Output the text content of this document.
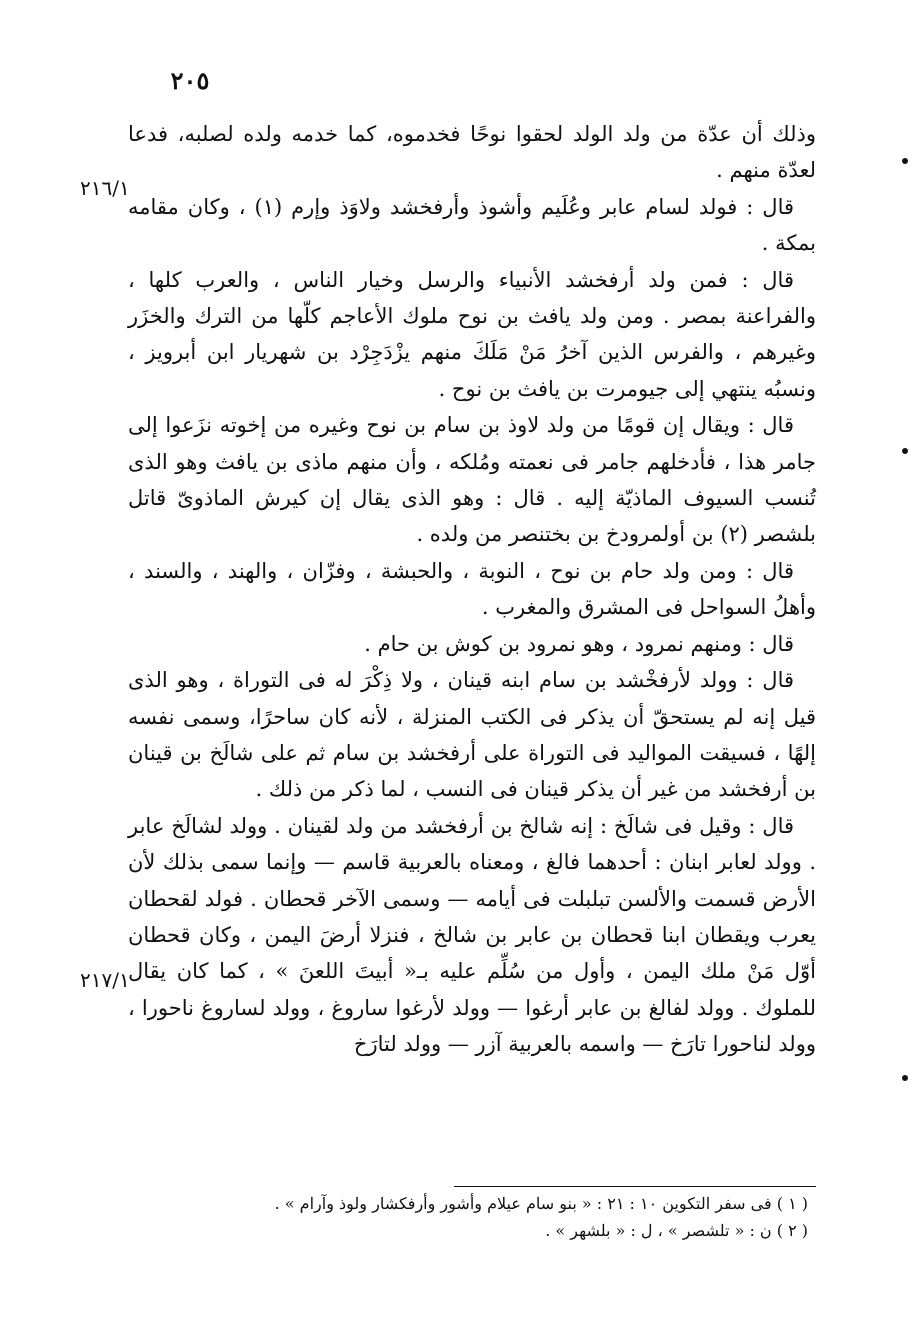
٢٠٥
٢١٦/١
٢١٧/١

وذلك أن عدّة من ولد الولد لحقوا نوحًا فخدموه، كما خدمه ولده لصلبه، فدعا لعدّة منهم .

قال : فولد لسام عابر وعُلَيم وأشوذ وأرفخشد ولاوَذ وإرم (١) ، وكان مقامه بمكة .

قال : فمن ولد أرفخشد الأنبياء والرسل وخيار الناس ، والعرب كلها ، والفراعنة بمصر . ومن ولد يافث بن نوح ملوك الأعاجم كلّها من الترك والخزَر وغيرهم ، والفرس الذين آخرُ مَنْ مَلَكَ منهم يزْدَجِرْد بن شهريار ابن أبرويز ، ونسبُه ينتهي إلى جيومرت بن يافث بن نوح .

قال : ويقال إن قومًا من ولد لاوذ بن سام بن نوح وغيره من إخوته نزَعوا إلى جامر هذا ، فأدخلهم جامر فى نعمته ومُلكه ، وأن منهم ماذى بن يافث وهو الذى تُنسب السيوف الماذيّة إليه . قال : وهو الذى يقال إن كيرش الماذوىّ قاتل بلشصر (٢) بن أولمرودخ بن بختنصر من ولده .

قال : ومن ولد حام بن نوح ، النوبة ، والحبشة ، وفزّان ، والهند ، والسند ، وأهلُ السواحل فى المشرق والمغرب .

قال : ومنهم نمرود ، وهو نمرود بن كوش بن حام .

قال : وولد لأرفخْشد بن سام ابنه قينان ، ولا ذِكْرَ له فى التوراة ، وهو الذى قيل إنه لم يستحقّ أن يذكر فى الكتب المنزلة ، لأنه كان ساحرًا، وسمى نفسه إلهًا ، فسيقت المواليد فى التوراة على أرفخشد بن سام ثم على شالَخ بن قينان بن أرفخشد من غير أن يذكر قينان فى النسب ، لما ذكر من ذلك .

قال : وقيل فى شالَخ : إنه شالخ بن أرفخشد من ولد لقينان . وولد لشالَخ عابر . وولد لعابر ابنان : أحدهما فالغ ، ومعناه بالعربية قاسم — وإنما سمى بذلك لأن الأرض قسمت والألسن تبلبلت فى أيامه — وسمى الآخر قحطان . فولد لقحطان يعرب ويقطان ابنا قحطان بن عابر بن شالخ ، فنزلا أرضَ اليمن ، وكان قحطان أوّل مَنْ ملك اليمن ، وأول من سُلِّم عليه بـ« أبيتَ اللعنَ » ، كما كان يقال للملوك . وولد لفالغ بن عابر أرغوا — وولد لأرغوا ساروغ ، وولد لساروغ ناحورا ، وولد لناحورا تارَخ — واسمه بالعربية آزر — وولد لتارَخ

( ١ ) فى سفر التكوين ١٠ : ٢١ : « بنو سام عيلام وأشور وأرفكشار ولوذ وآرام » .

( ٢ ) ن : « تلشصر » ، ل : « بلشهر » .
